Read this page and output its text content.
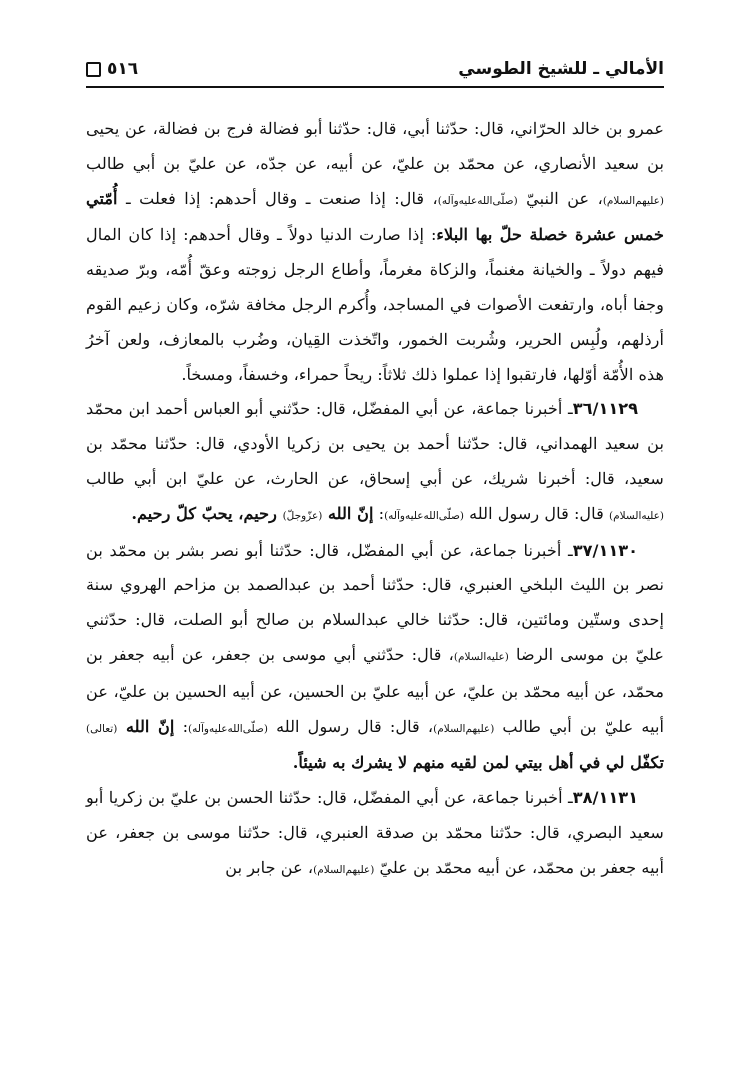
الأمالي ـ للشيخ الطوسي
٥١٦

عمرو بن خالد الحرّاني، قال: حدّثنا أبي، قال: حدّثنا أبو فضالة فرج بن فضالة، عن يحيى بن سعيد الأنصاري، عن محمّد بن عليّ، عن أبيه، عن جدّه، عن عليّ بن أبي طالب (عليهم‌السلام)، عن النبيّ (صلّى‌الله‌عليه‌وآله)، قال: إذا صنعت ـ وقال أحدهم: إذا فعلت ـ أُمّتي خمس عشرة خصلة حلّ بها البلاء: إذا صارت الدنيا دولاً ـ وقال أحدهم: إذا كان المال فيهم دولاً ـ والخيانة مغنماً، والزكاة مغرماً، وأطاع الرجل زوجته وعقّ أُمّه، وبرّ صديقه وجفا أباه، وارتفعت الأصوات في المساجد، وأُكرم الرجل مخافة شرّه، وكان زعيم القوم أرذلهم، ولُبِس الحرير، وشُربت الخمور، واتّخذت القِيان، وضُرب بالمعازف، ولعن آخرُ هذه الأُمّة أوّلها، فارتقبوا إذا عملوا ذلك ثلاثاً: ريحاً حمراء، وخسفاً، ومسخاً.

٣٦/١١٢٩ـ أخبرنا جماعة، عن أبي المفضّل، قال: حدّثني أبو العباس أحمد ابن محمّد بن سعيد الهمداني، قال: حدّثنا أحمد بن يحيى بن زكريا الأودي، قال: حدّثنا محمّد بن سعيد، قال: أخبرنا شريك، عن أبي إسحاق، عن الحارث، عن عليّ ابن أبي طالب (عليه‌السلام) قال: قال رسول الله (صلّى‌الله‌عليه‌وآله): إنّ الله (عزّوجلّ) رحيم، يحبّ كلّ رحيم.

٣٧/١١٣٠ـ أخبرنا جماعة، عن أبي المفضّل، قال: حدّثنا أبو نصر بشر بن محمّد بن نصر بن الليث البلخي العنبري، قال: حدّثنا أحمد بن عبدالصمد بن مزاحم الهروي سنة إحدى وستّين ومائتين، قال: حدّثنا خالي عبدالسلام بن صالح أبو الصلت، قال: حدّثني عليّ بن موسى الرضا (عليه‌السلام)، قال: حدّثني أبي موسى بن جعفر، عن أبيه جعفر بن محمّد، عن أبيه محمّد بن عليّ، عن أبيه عليّ بن الحسين، عن أبيه الحسين بن عليّ، عن أبيه عليّ بن أبي طالب (عليهم‌السلام)، قال: قال رسول الله (صلّى‌الله‌عليه‌وآله): إنّ الله (تعالى) تكفّل لي في أهل بيتي لمن لقيه منهم لا يشرك به شيئاً.

٣٨/١١٣١ـ أخبرنا جماعة، عن أبي المفضّل، قال: حدّثنا الحسن بن عليّ بن زكريا أبو سعيد البصري، قال: حدّثنا محمّد بن صدقة العنبري، قال: حدّثنا موسى بن جعفر، عن أبيه جعفر بن محمّد، عن أبيه محمّد بن عليّ (عليهم‌السلام)، عن جابر بن
